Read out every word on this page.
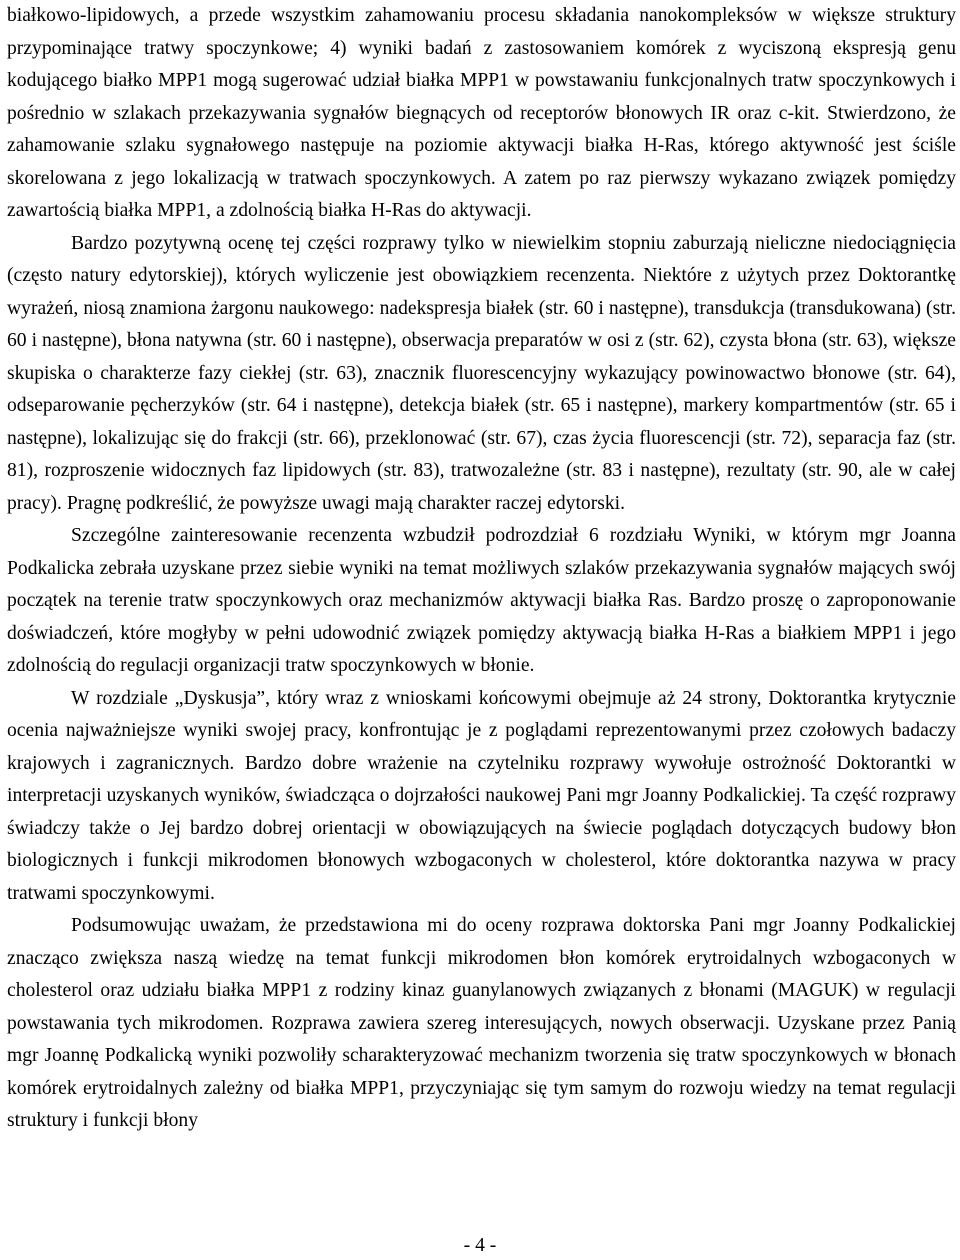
białkowo-lipidowych, a przede wszystkim zahamowaniu procesu składania nanokompleksów w większe struktury przypominające tratwy spoczynkowe; 4) wyniki badań z zastosowaniem komórek z wyciszoną ekspresją genu kodującego białko MPP1 mogą sugerować udział białka MPP1 w powstawaniu funkcjonalnych tratw spoczynkowych i pośrednio w szlakach przekazywania sygnałów biegnących od receptorów błonowych IR oraz c-kit. Stwierdzono, że zahamowanie szlaku sygnałowego następuje na poziomie aktywacji białka H-Ras, którego aktywność jest ściśle skorelowana z jego lokalizacją w tratwach spoczynkowych. A zatem po raz pierwszy wykazano związek pomiędzy zawartością białka MPP1, a zdolnością białka H-Ras do aktywacji.

Bardzo pozytywną ocenę tej części rozprawy tylko w niewielkim stopniu zaburzają nieliczne niedociągnięcia (często natury edytorskiej), których wyliczenie jest obowiązkiem recenzenta. Niektóre z użytych przez Doktorantkę wyrażeń, niosą znamiona żargonu naukowego: nadekspresja białek (str. 60 i następne), transdukcja (transdukowana) (str. 60 i następne), błona natywna (str. 60 i następne), obserwacja preparatów w osi z (str. 62), czysta błona (str. 63), większe skupiska o charakterze fazy ciekłej (str. 63), znacznik fluorescencyjny wykazujący powinowactwo błonowe (str. 64), odseparowanie pęcherzyków (str. 64 i następne), detekcja białek (str. 65 i następne), markery kompartmentów (str. 65 i następne), lokalizując się do frakcji (str. 66), przeklonować (str. 67), czas życia fluorescencji (str. 72), separacja faz (str. 81), rozproszenie widocznych faz lipidowych (str. 83), tratwozależne (str. 83 i następne), rezultaty (str. 90, ale w całej pracy). Pragnę podkreślić, że powyższe uwagi mają charakter raczej edytorski.

Szczególne zainteresowanie recenzenta wzbudził podrozdział 6 rozdziału Wyniki, w którym mgr Joanna Podkalicka zebrała uzyskane przez siebie wyniki na temat możliwych szlaków przekazywania sygnałów mających swój początek na terenie tratw spoczynkowych oraz mechanizmów aktywacji białka Ras. Bardzo proszę o zaproponowanie doświadczeń, które mogłyby w pełni udowodnić związek pomiędzy aktywacją białka H-Ras a białkiem MPP1 i jego zdolnością do regulacji organizacji tratw spoczynkowych w błonie.

W rozdziale „Dyskusja”, który wraz z wnioskami końcowymi obejmuje aż 24 strony, Doktorantka krytycznie ocenia najważniejsze wyniki swojej pracy, konfrontując je z poglądami reprezentowanymi przez czołowych badaczy krajowych i zagranicznych. Bardzo dobre wrażenie na czytelniku rozprawy wywołuje ostrożność Doktorantki w interpretacji uzyskanych wyników, świadcząca o dojrzałości naukowej Pani mgr Joanny Podkalickiej. Ta część rozprawy świadczy także o Jej bardzo dobrej orientacji w obowiązujących na świecie poglądach dotyczących budowy błon biologicznych i funkcji mikrodomen błonowych wzbogaconych w cholesterol, które doktorantka nazywa w pracy tratwami spoczynkowymi.

Podsumowując uważam, że przedstawiona mi do oceny rozprawa doktorska Pani mgr Joanny Podkalickiej znacząco zwiększa naszą wiedzę na temat funkcji mikrodomen błon komórek erytroidalnych wzbogaconych w cholesterol oraz udziału białka MPP1 z rodziny kinaz guanylanowych związanych z błonami (MAGUK) w regulacji powstawania tych mikrodomen. Rozprawa zawiera szereg interesujących, nowych obserwacji. Uzyskane przez Panią mgr Joannę Podkalicką wyniki pozwoliły scharakteryzować mechanizm tworzenia się tratw spoczynkowych w błonach komórek erytroidalnych zależny od białka MPP1, przyczyniając się tym samym do rozwoju wiedzy na temat regulacji struktury i funkcji błony

- 4 -
